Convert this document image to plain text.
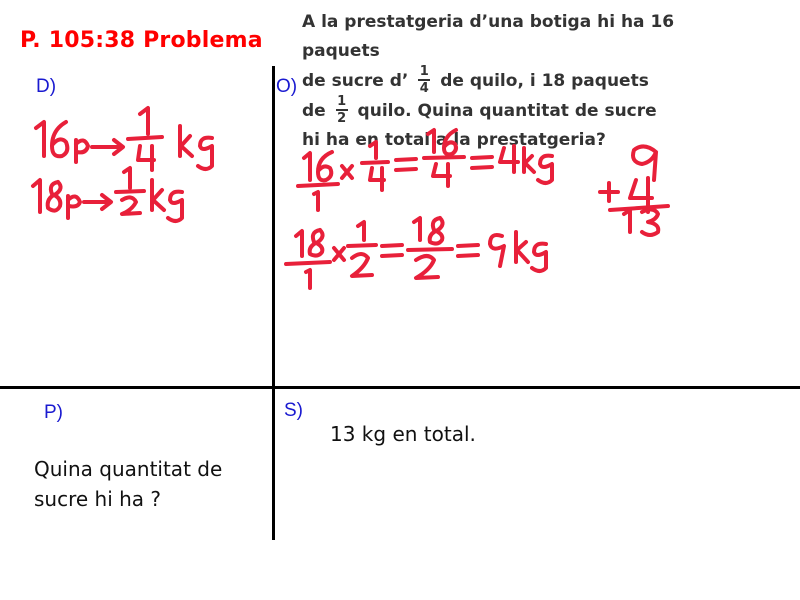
P. 105:38 Problema
A la prestatgeria d’una botiga hi ha 16 paquets
de sucre d’ $\frac{1}{4}$ de quilo, i 18 paquets
de $\frac{1}{2}$ quilo. Quina quantitat de sucre
hi ha en total a la prestatgeria?
D)	O)
P)	S)
13 kg en total.
Quina quantitat de sucre hi ha ?
